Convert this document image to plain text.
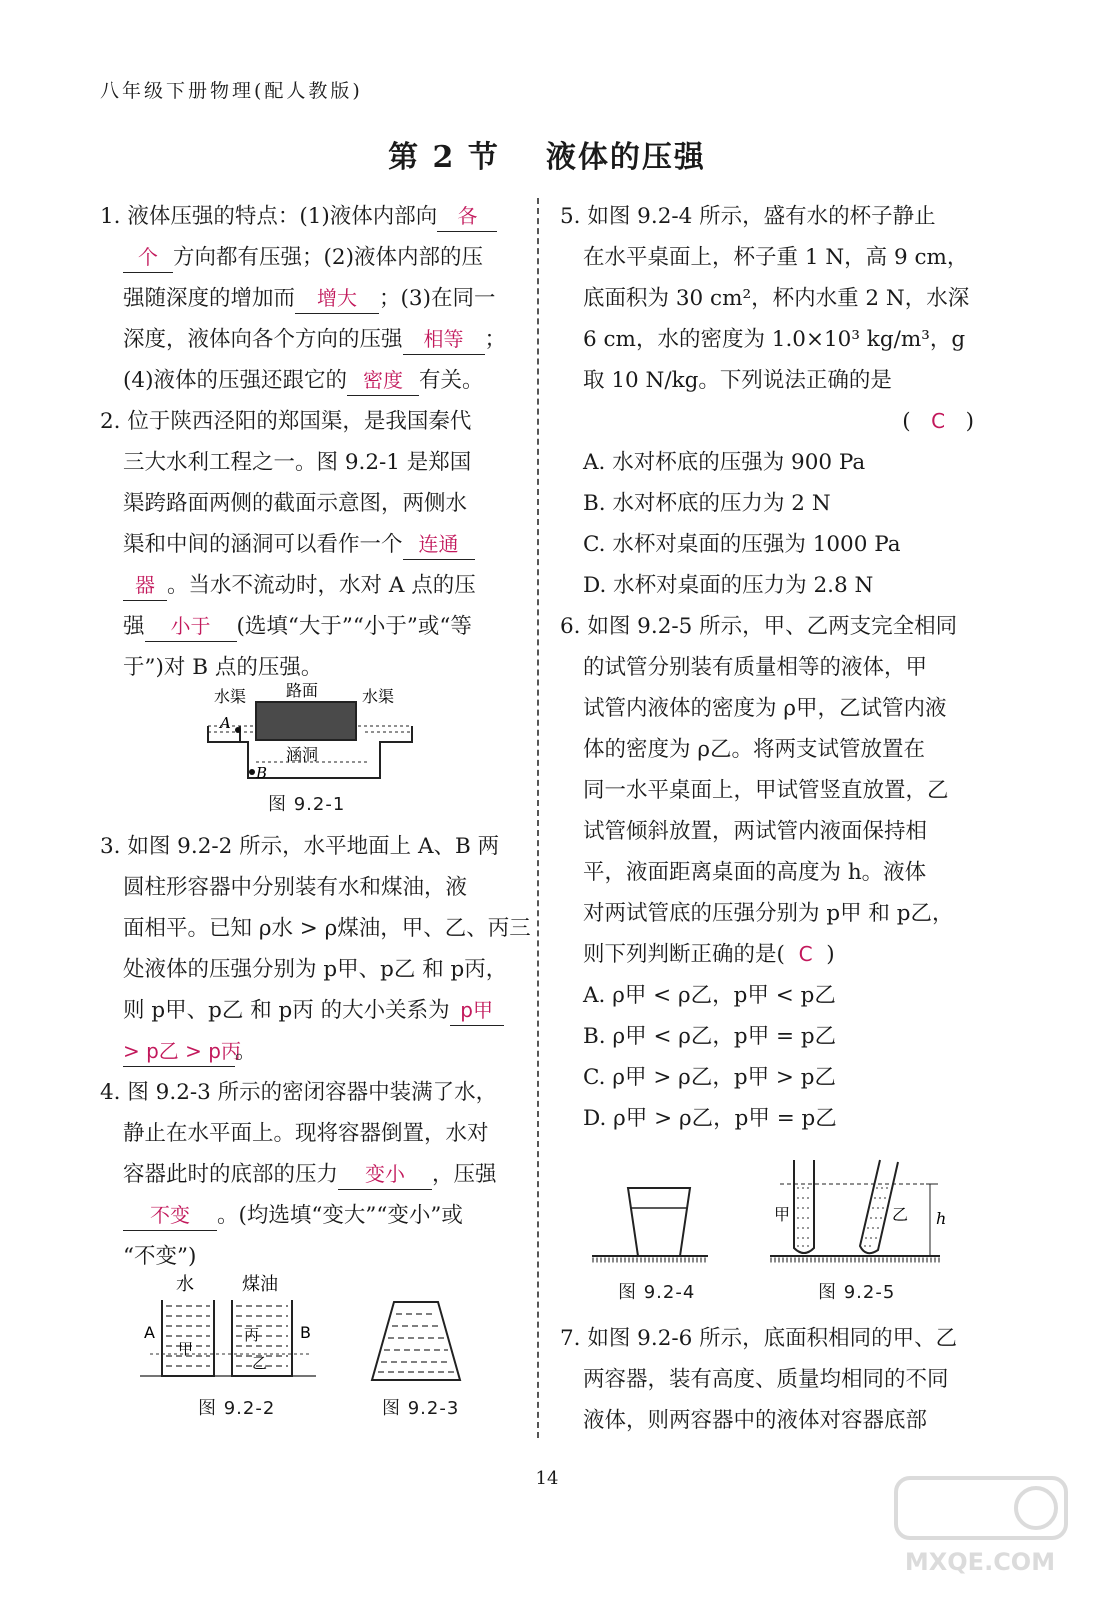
八年级下册物理(配人教版)
第 2 节 液体的压强
1. 液体压强的特点：(1)液体内部向 各
个 方向都有压强；(2)液体内部的压
强随深度的增加而 增大 ；(3)在同一
深度，液体向各个方向的压强 相等 ；
(4)液体的压强还跟它的 密度 有关。
2. 位于陕西泾阳的郑国渠，是我国秦代
三大水利工程之一。图 9.2-1 是郑国
渠跨路面两侧的截面示意图，两侧水
渠和中间的涵洞可以看作一个 连通
器 。当水不流动时，水对 A 点的压
强 小于 (选填“大于”“小于”或“等
于”)对 B 点的压强。
水渠 路面	水渠
A
B
涵洞
图 9.2-1
3. 如图 9.2-2 所示，水平地面上 A、B 两
圆柱形容器中分别装有水和煤油，液
面相平。已知 ρ水 > ρ煤油，甲、乙、丙三
处液体的压强分别为 p甲、p乙 和 p丙，
则 p甲、p乙 和 p丙 的大小关系为 p甲
> p乙 > p丙。
4. 图 9.2-3 所示的密闭容器中装满了水，
静止在水平面上。现将容器倒置，水对
容器此时的底部的压力 变小 ，压强
不变 。(均选填“变大”“变小”或
“不变”)
水	煤油
A	B
甲
乙
丙
图 9.2-2	图 9.2-3
5. 如图 9.2-4 所示，盛有水的杯子静止
在水平桌面上，杯子重 1 N，高 9 cm，
底面积为 30 cm²，杯内水重 2 N，水深
6 cm，水的密度为 1.0×10³ kg/m³，g
取 10 N/kg。下列说法正确的是
(   C   )
A. 水对杯底的压强为 900 Pa
B. 水对杯底的压力为 2 N
C. 水杯对桌面的压强为 1000 Pa
D. 水杯对桌面的压力为 2.8 N
6. 如图 9.2-5 所示，甲、乙两支完全相同
的试管分别装有质量相等的液体，甲
试管内液体的密度为 ρ甲，乙试管内液
体的密度为 ρ乙。将两支试管放置在
同一水平桌面上，甲试管竖直放置，乙
试管倾斜放置，两试管内液面保持相
平，液面距离桌面的高度为 h。液体
对两试管底的压强分别为 p甲 和 p乙，
则下列判断正确的是( C )
A. ρ甲 < ρ乙，p甲 < p乙
B. ρ甲 < ρ乙，p甲 = p乙
C. ρ甲 > ρ乙，p甲 > p乙
D. ρ甲 > ρ乙，p甲 = p乙
图 9.2-4
甲	乙 h
图 9.2-5
7. 如图 9.2-6 所示，底面积相同的甲、乙
两容器，装有高度、质量均相同的不同
液体，则两容器中的液体对容器底部
14
MXQE.COM
